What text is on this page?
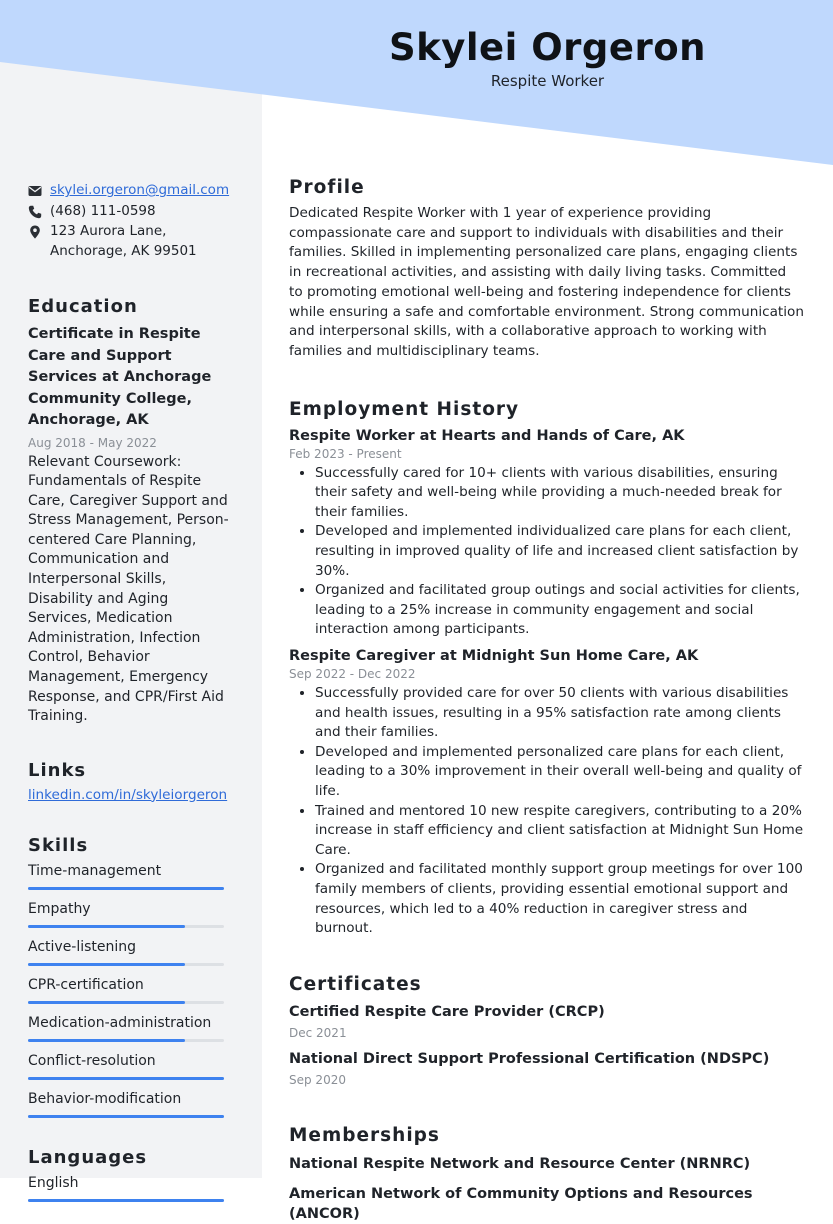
Skylei Orgeron
Respite Worker
skylei.orgeron@gmail.com
(468) 111-0598
123 Aurora Lane, Anchorage, AK 99501
Education
Certificate in Respite Care and Support Services at Anchorage Community College, Anchorage, AK
Aug 2018 - May 2022
Relevant Coursework: Fundamentals of Respite Care, Caregiver Support and Stress Management, Person-centered Care Planning, Communication and Interpersonal Skills, Disability and Aging Services, Medication Administration, Infection Control, Behavior Management, Emergency Response, and CPR/First Aid Training.
Links
linkedin.com/in/skyleiorgeron
Skills
Time-management
Empathy
Active-listening
CPR-certification
Medication-administration
Conflict-resolution
Behavior-modification
Languages
English
Profile

Dedicated Respite Worker with 1 year of experience providing compassionate care and support to individuals with disabilities and their families. Skilled in implementing personalized care plans, engaging clients in recreational activities, and assisting with daily living tasks. Committed to promoting emotional well-being and fostering independence for clients while ensuring a safe and comfortable environment. Strong communication and interpersonal skills, with a collaborative approach to working with families and multidisciplinary teams.

Employment History
Respite Worker at Hearts and Hands of Care, AK
Feb 2023 - Present
• Successfully cared for 10+ clients with various disabilities, ensuring their safety and well-being while providing a much-needed break for their families.
• Developed and implemented individualized care plans for each client, resulting in improved quality of life and increased client satisfaction by 30%.
• Organized and facilitated group outings and social activities for clients, leading to a 25% increase in community engagement and social interaction among participants.
Respite Caregiver at Midnight Sun Home Care, AK
Sep 2022 - Dec 2022
• Successfully provided care for over 50 clients with various disabilities and health issues, resulting in a 95% satisfaction rate among clients and their families.
• Developed and implemented personalized care plans for each client, leading to a 30% improvement in their overall well-being and quality of life.
• Trained and mentored 10 new respite caregivers, contributing to a 20% increase in staff efficiency and client satisfaction at Midnight Sun Home Care.
• Organized and facilitated monthly support group meetings for over 100 family members of clients, providing essential emotional support and resources, which led to a 40% reduction in caregiver stress and burnout.
Certificates
Certified Respite Care Provider (CRCP)
Dec 2021
National Direct Support Professional Certification (NDSPC)
Sep 2020
Memberships
National Respite Network and Resource Center (NRNRC)
American Network of Community Options and Resources (ANCOR)
